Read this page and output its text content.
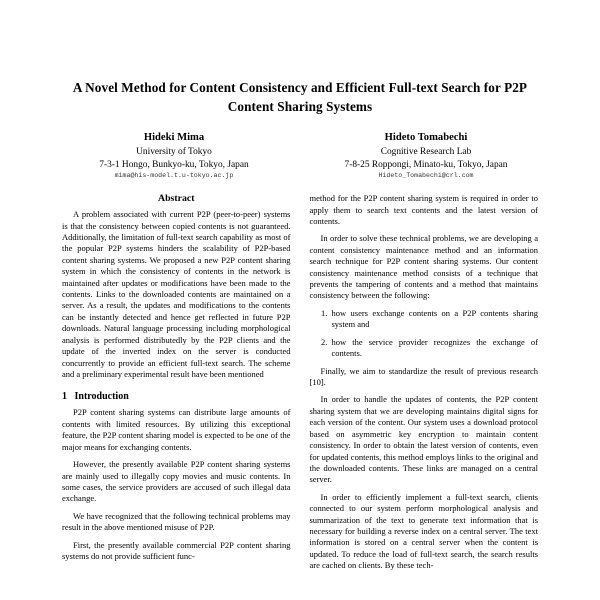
A Novel Method for Content Consistency and Efficient Full-text Search for P2P Content Sharing Systems
Hideki Mima
University of Tokyo
7-3-1 Hongo, Bunkyo-ku, Tokyo, Japan
mima@his-model.t.u-tokyo.ac.jp
Hideto Tomabechi
Cognitive Research Lab
7-8-25 Roppongi, Minato-ku, Tokyo, Japan
Hideto_Tomabechi@crl.com
Abstract

A problem associated with current P2P (peer-to-peer) systems is that the consistency between copied contents is not guaranteed. Additionally, the limitation of full-text search capability as most of the popular P2P systems hinders the scalability of P2P-based content sharing systems. We proposed a new P2P content sharing system in which the consistency of contents in the network is maintained after updates or modifications have been made to the contents. Links to the downloaded contents are maintained on a server. As a result, the updates and modifications to the contents can be instantly detected and hence get reflected in future P2P downloads. Natural language processing including morphological analysis is performed distributedly by the P2P clients and the update of the inverted index on the server is conducted concurrently to provide an efficient full-text search. The scheme and a preliminary experimental result have been mentioned

1 Introduction

P2P content sharing systems can distribute large amounts of contents with limited resources. By utilizing this exceptional feature, the P2P content sharing model is expected to be one of the major means for exchanging contents.

However, the presently available P2P content sharing systems are mainly used to illegally copy movies and music contents. In some cases, the service providers are accused of such illegal data exchange.

We have recognized that the following technical problems may result in the above mentioned misuse of P2P.

First, the presently available commercial P2P content sharing systems do not provide sufficient func-

method for the P2P content sharing system is required in order to apply them to search text contents and the latest version of contents.

In order to solve these technical problems, we are developing a content consistency maintenance method and an information search technique for P2P content sharing systems. Our content consistency maintenance method consists of a technique that prevents the tampering of contents and a method that maintains consistency between the following:

1. how users exchange contents on a P2P contents sharing system and
2. how the service provider recognizes the exchange of contents.

Finally, we aim to standardize the result of previous research [10].

In order to handle the updates of contents, the P2P content sharing system that we are developing maintains digital signs for each version of the content. Our system uses a download protocol based on asymmetric key encryption to maintain content consistency. In order to obtain the latest version of contents, even for updated contents, this method employs links to the original and the downloaded contents. These links are managed on a central server.

In order to efficiently implement a full-text search, clients connected to our system perform morphological analysis and summarization of the text to generate text information that is necessary for building a reverse index on a central server. The text information is stored on a central server when the content is updated. To reduce the load of full-text search, the search results are cached on clients. By these tech-
